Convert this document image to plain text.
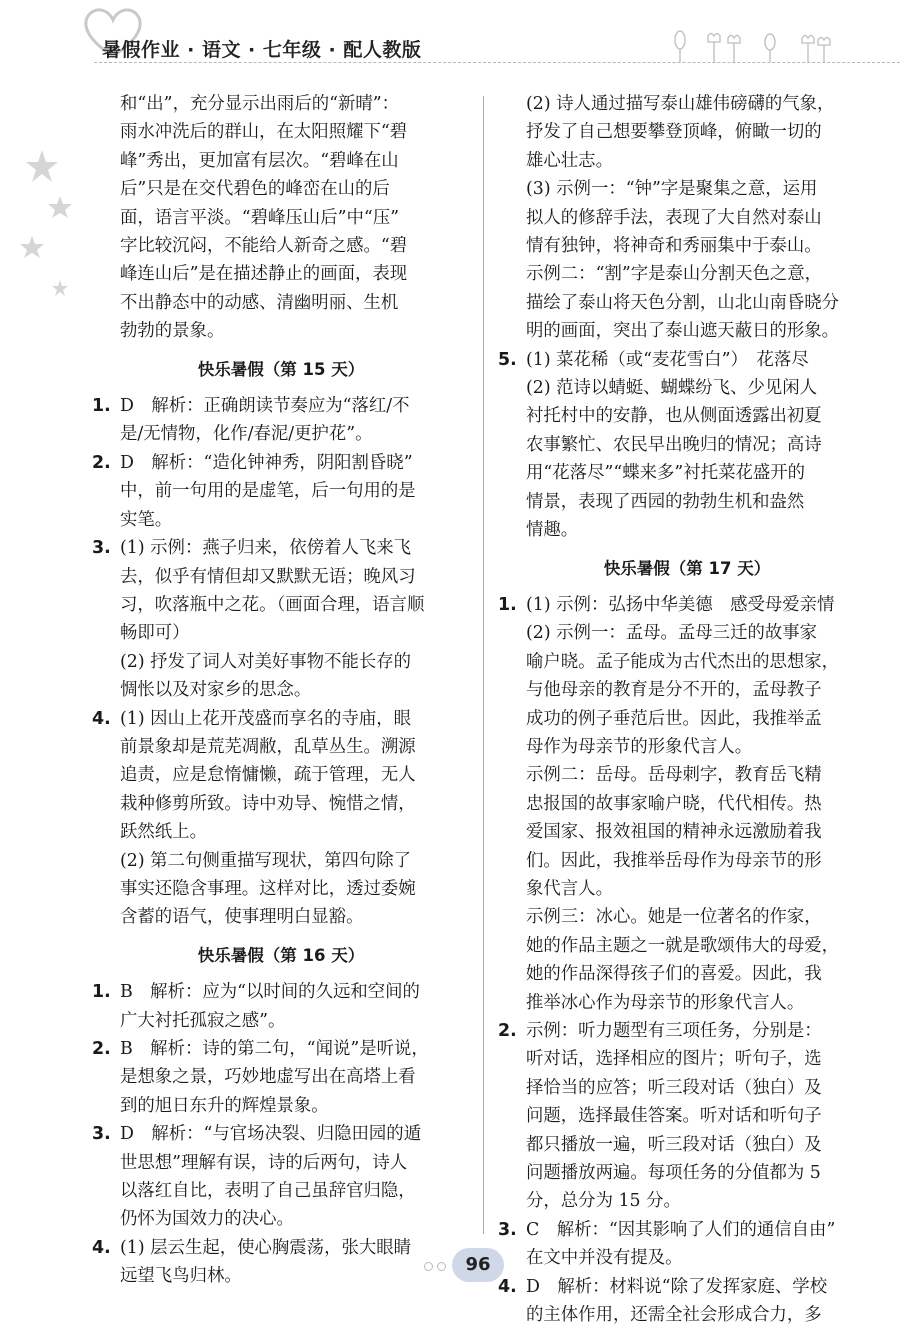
暑假作业 · 语文 · 七年级 · 配人教版

和“出”，充分显示出雨后的“新晴”：

雨水冲洗后的群山，在太阳照耀下“碧

峰”秀出，更加富有层次。“碧峰在山

后”只是在交代碧色的峰峦在山的后

面，语言平淡。“碧峰压山后”中“压”

字比较沉闷，不能给人新奇之感。“碧

峰连山后”是在描述静止的画面，表现

不出静态中的动感、清幽明丽、生机

勃勃的景象。

快乐暑假（第 15 天）
1. D　解析：正确朗读节奏应为“落红/不

是/无情物，化作/春泥/更护花”。

2. D　解析：“造化钟神秀，阴阳割昏晓”

中，前一句用的是虚笔，后一句用的是

实笔。

3. (1) 示例：燕子归来，依傍着人飞来飞

去，似乎有情但却又默默无语；晚风习

习，吹落瓶中之花。（画面合理，语言顺

畅即可）

(2) 抒发了词人对美好事物不能长存的

惆怅以及对家乡的思念。

4. (1) 因山上花开茂盛而享名的寺庙，眼

前景象却是荒芜凋敝，乱草丛生。溯源

追责，应是怠惰慵懒，疏于管理，无人

栽种修剪所致。诗中劝导、惋惜之情，

跃然纸上。

(2) 第二句侧重描写现状，第四句除了

事实还隐含事理。这样对比，透过委婉

含蓄的语气，使事理明白显豁。

快乐暑假（第 16 天）
1. B　解析：应为“以时间的久远和空间的

广大衬托孤寂之感”。

2. B　解析：诗的第二句，“闻说”是听说，

是想象之景，巧妙地虚写出在高塔上看

到的旭日东升的辉煌景象。

3. D　解析：“与官场决裂、归隐田园的遁

世思想”理解有误，诗的后两句，诗人

以落红自比，表明了自己虽辞官归隐，

仍怀为国效力的决心。

4. (1) 层云生起，使心胸震荡，张大眼睛

远望飞鸟归林。

(2) 诗人通过描写泰山雄伟磅礴的气象，

抒发了自己想要攀登顶峰，俯瞰一切的

雄心壮志。

(3) 示例一：“钟”字是聚集之意，运用

拟人的修辞手法，表现了大自然对泰山

情有独钟，将神奇和秀丽集中于泰山。

示例二：“割”字是泰山分割天色之意，

描绘了泰山将天色分割，山北山南昏晓分

明的画面，突出了泰山遮天蔽日的形象。

5. (1) 菜花稀（或“麦花雪白”）　花落尽

(2) 范诗以蜻蜓、蝴蝶纷飞、少见闲人

衬托村中的安静，也从侧面透露出初夏

农事繁忙、农民早出晚归的情况；高诗

用“花落尽”“蝶来多”衬托菜花盛开的

情景，表现了西园的勃勃生机和盎然

情趣。

快乐暑假（第 17 天）
1. (1) 示例：弘扬中华美德　感受母爱亲情

(2) 示例一：孟母。孟母三迁的故事家

喻户晓。孟子能成为古代杰出的思想家，

与他母亲的教育是分不开的，孟母教子

成功的例子垂范后世。因此，我推举孟

母作为母亲节的形象代言人。

示例二：岳母。岳母刺字，教育岳飞精

忠报国的故事家喻户晓，代代相传。热

爱国家、报效祖国的精神永远激励着我

们。因此，我推举岳母作为母亲节的形

象代言人。

示例三：冰心。她是一位著名的作家，

她的作品主题之一就是歌颂伟大的母爱，

她的作品深得孩子们的喜爱。因此，我

推举冰心作为母亲节的形象代言人。

2. 示例：听力题型有三项任务，分别是：

听对话，选择相应的图片；听句子，选

择恰当的应答；听三段对话（独白）及

问题，选择最佳答案。听对话和听句子

都只播放一遍，听三段对话（独白）及

问题播放两遍。每项任务的分值都为 5

分，总分为 15 分。

3. C　解析：“因其影响了人们的通信自由”

在文中并没有提及。

4. D　解析：材料说“除了发挥家庭、学校

的主体作用，还需全社会形成合力，多

96
